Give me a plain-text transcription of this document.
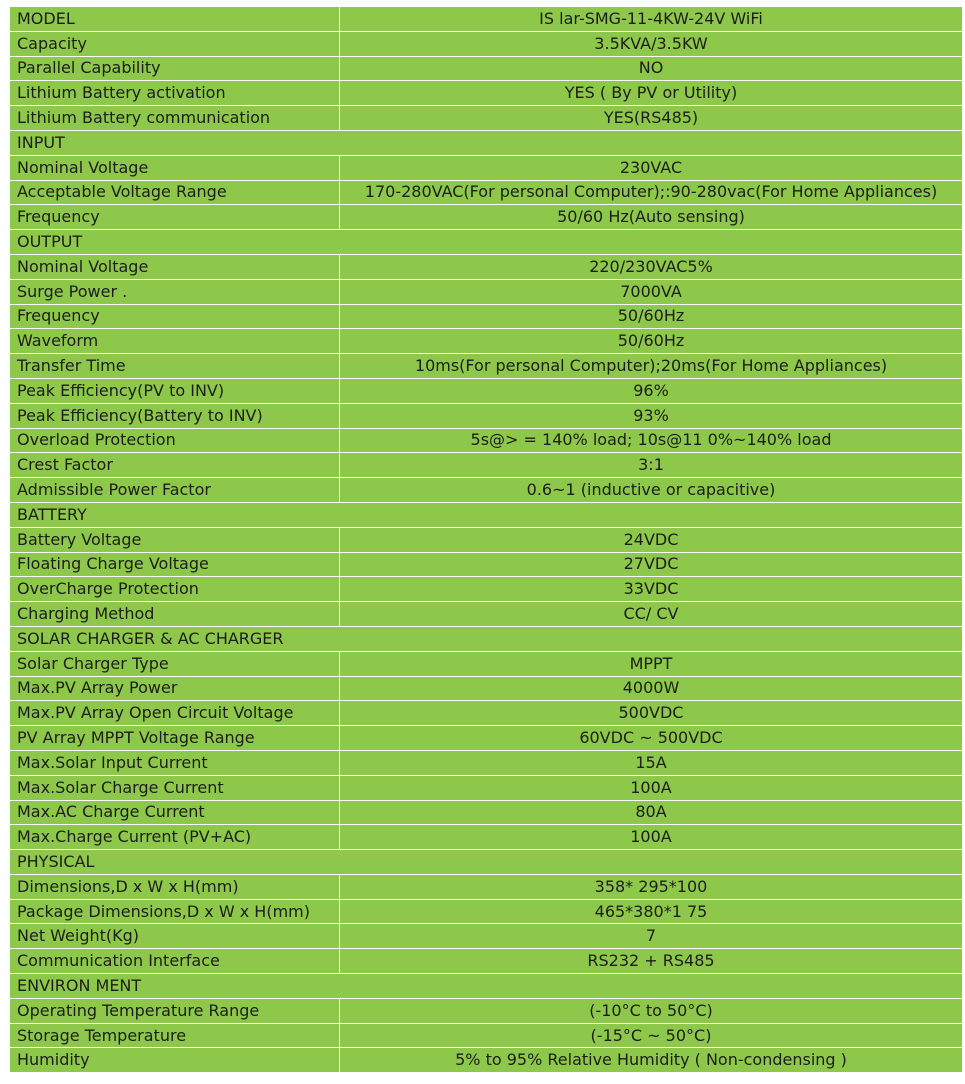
MODEL	IS lar-SMG-11-4KW-24V WiFi
Capacity	3.5KVA/3.5KW
Parallel Capability	NO
Lithium Battery activation	YES ( By PV or Utility)
Lithium Battery communication	YES(RS485)
INPUT	
Nominal Voltage	230VAC
Acceptable Voltage Range	170-280VAC(For personal Computer);:90-280vac(For Home Appliances)
Frequency	50/60 Hz(Auto sensing)
OUTPUT	
Nominal Voltage	220/230VAC5%
Surge Power .	7000VA
Frequency	50/60Hz
Waveform	50/60Hz
Transfer Time	10ms(For personal Computer);20ms(For Home Appliances)
Peak Efficiency(PV to INV)	96%
Peak Efficiency(Battery to INV)	93%
Overload Protection	5s@> = 140% load; 10s@11 0%~140% load
Crest Factor	3:1
Admissible Power Factor	0.6~1 (inductive or capacitive)
BATTERY	
Battery Voltage	24VDC
Floating Charge Voltage	27VDC
OverCharge Protection	33VDC
Charging Method	CC/ CV
SOLAR CHARGER & AC CHARGER	
Solar Charger Type	MPPT
Max.PV Array Power	4000W
Max.PV Array Open Circuit Voltage	500VDC
PV Array MPPT Voltage Range	60VDC ~ 500VDC
Max.Solar Input Current	15A
Max.Solar Charge Current	100A
Max.AC Charge Current	80A
Max.Charge Current (PV+AC)	100A
PHYSICAL	
Dimensions,D x W x H(mm)	358* 295*100
Package Dimensions,D x W x H(mm)	465*380*1 75
Net Weight(Kg)	7
Communication Interface	RS232 + RS485
ENVIRON MENT	
Operating Temperature Range	(-10°C to 50°C)
Storage Temperature	(-15°C ~ 50°C)
Humidity	5% to 95% Relative Humidity ( Non-condensing )
